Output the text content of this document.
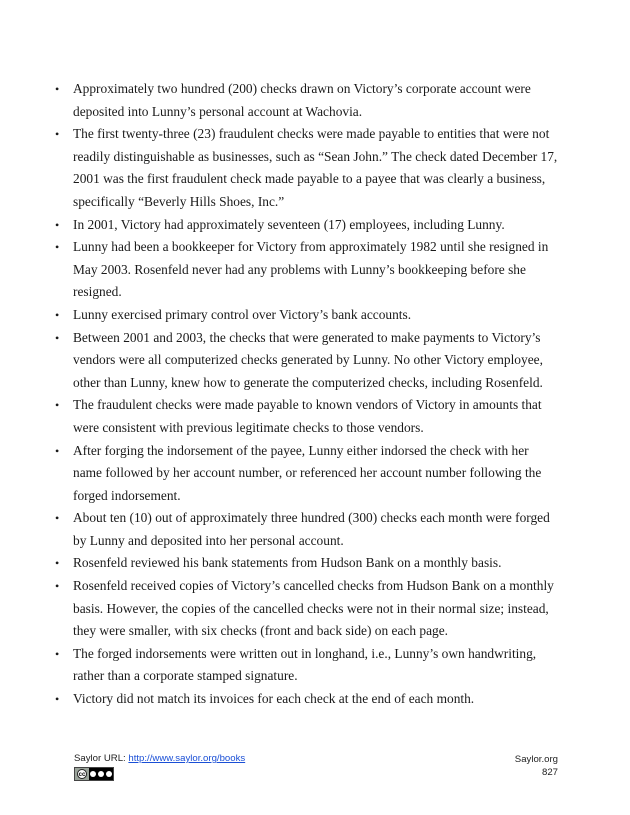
• Approximately two hundred (200) checks drawn on Victory’s corporate account were deposited into Lunny’s personal account at Wachovia.
• The first twenty-three (23) fraudulent checks were made payable to entities that were not readily distinguishable as businesses, such as “Sean John.” The check dated December 17, 2001 was the first fraudulent check made payable to a payee that was clearly a business, specifically “Beverly Hills Shoes, Inc.”
• In 2001, Victory had approximately seventeen (17) employees, including Lunny.
• Lunny had been a bookkeeper for Victory from approximately 1982 until she resigned in May 2003. Rosenfeld never had any problems with Lunny’s bookkeeping before she resigned.
• Lunny exercised primary control over Victory’s bank accounts.
• Between 2001 and 2003, the checks that were generated to make payments to Victory’s vendors were all computerized checks generated by Lunny. No other Victory employee, other than Lunny, knew how to generate the computerized checks, including Rosenfeld.
• The fraudulent checks were made payable to known vendors of Victory in amounts that were consistent with previous legitimate checks to those vendors.
• After forging the indorsement of the payee, Lunny either indorsed the check with her name followed by her account number, or referenced her account number following the forged indorsement.
• About ten (10) out of approximately three hundred (300) checks each month were forged by Lunny and deposited into her personal account.
• Rosenfeld reviewed his bank statements from Hudson Bank on a monthly basis.
• Rosenfeld received copies of Victory’s cancelled checks from Hudson Bank on a monthly basis. However, the copies of the cancelled checks were not in their normal size; instead, they were smaller, with six checks (front and back side) on each page.
• The forged indorsements were written out in longhand, i.e., Lunny’s own handwriting, rather than a corporate stamped signature.
• Victory did not match its invoices for each check at the end of each month.
Saylor URL: http://www.saylor.org/books
cc
Saylor.org
827
